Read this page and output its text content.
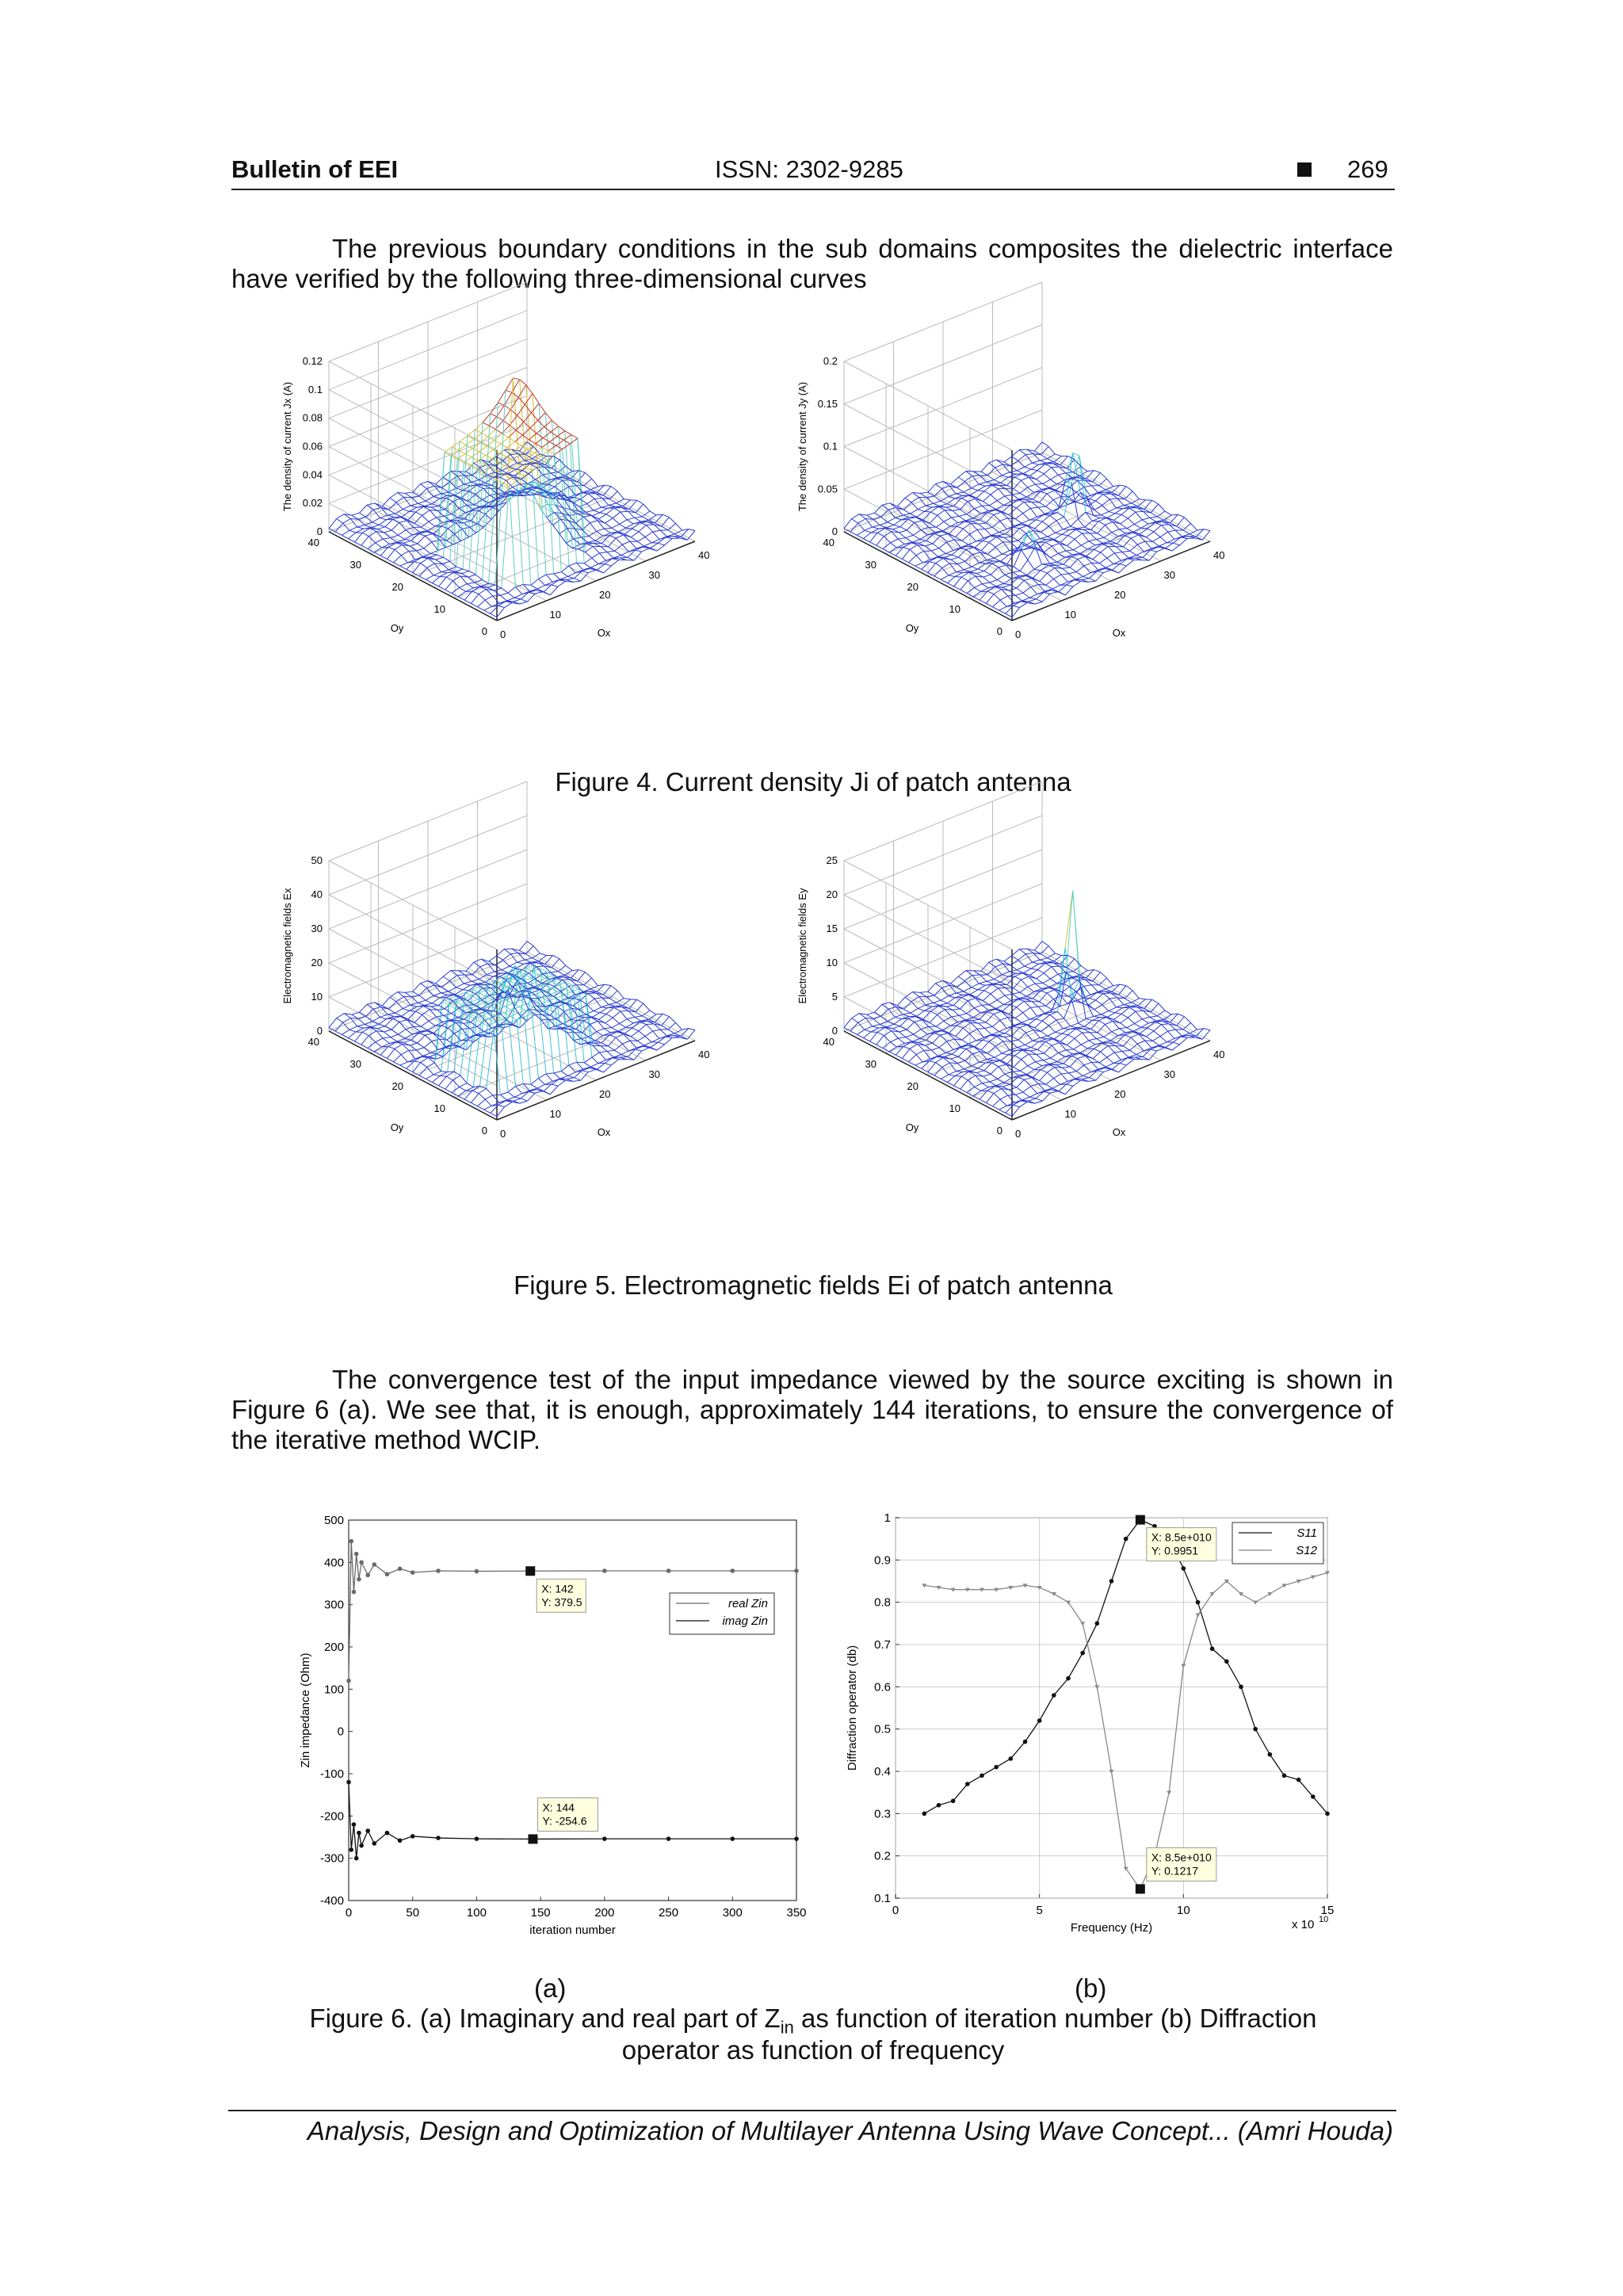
Bulletin of EEI	ISSN: 2302-9285	269
The previous boundary conditions in the sub domains composites the dielectric interface have verified by the following three-dimensional curves
0
0.02
0.04
0.06
0.08
0.1
0.12
0
10
20
30
40
0
10
20
30
40
The density of current Jx (A)
Oy	Ox
0
0.05
0.1
0.15
0.2
0
10
20
30
40
0
10
20
30
40
The density of current Jy (A)
Oy	Ox
Figure 4. Current density Ji of patch antenna
0
10
20
30
40
50
0
10
20
30
40
0
10
20
30
40
Electromagnetic fields Ex
Oy	Ox
0
5
10
15
20
25
0
10
20
30
40
0
10
20
30
40
Electromagnetic fields Ey
Oy	Ox
Figure 5. Electromagnetic fields Ei of patch antenna
The convergence test of the input impedance viewed by the source exciting is shown in Figure 6 (a). We see that, it is enough, approximately 144 iterations, to ensure the convergence of the iterative method WCIP.
0	50	100	150	200	250	300	350
-400
-300
-200
-100
0
100
200
300
400
500
iteration number
Zin impedance (Ohm)
real Zin
imag Zin
X: 142
Y: 379.5
X: 144
Y: -254.6
0	5	10	15
0.1
0.2
0.3
0.4
0.5
0.6
0.7
0.8
0.9
1
Frequency (Hz)
Diffraction operator (db)
S11
S12
X: 8.5e+010
Y: 0.9951
X: 8.5e+010
Y: 0.1217
x 10 10
(a)	(b)
Figure 6. (a) Imaginary and real part of $Z_{in}$ as function of iteration number (b) Diffraction
operator as function of frequency
Analysis, Design and Optimization of Multilayer Antenna Using Wave Concept... (Amri Houda)
